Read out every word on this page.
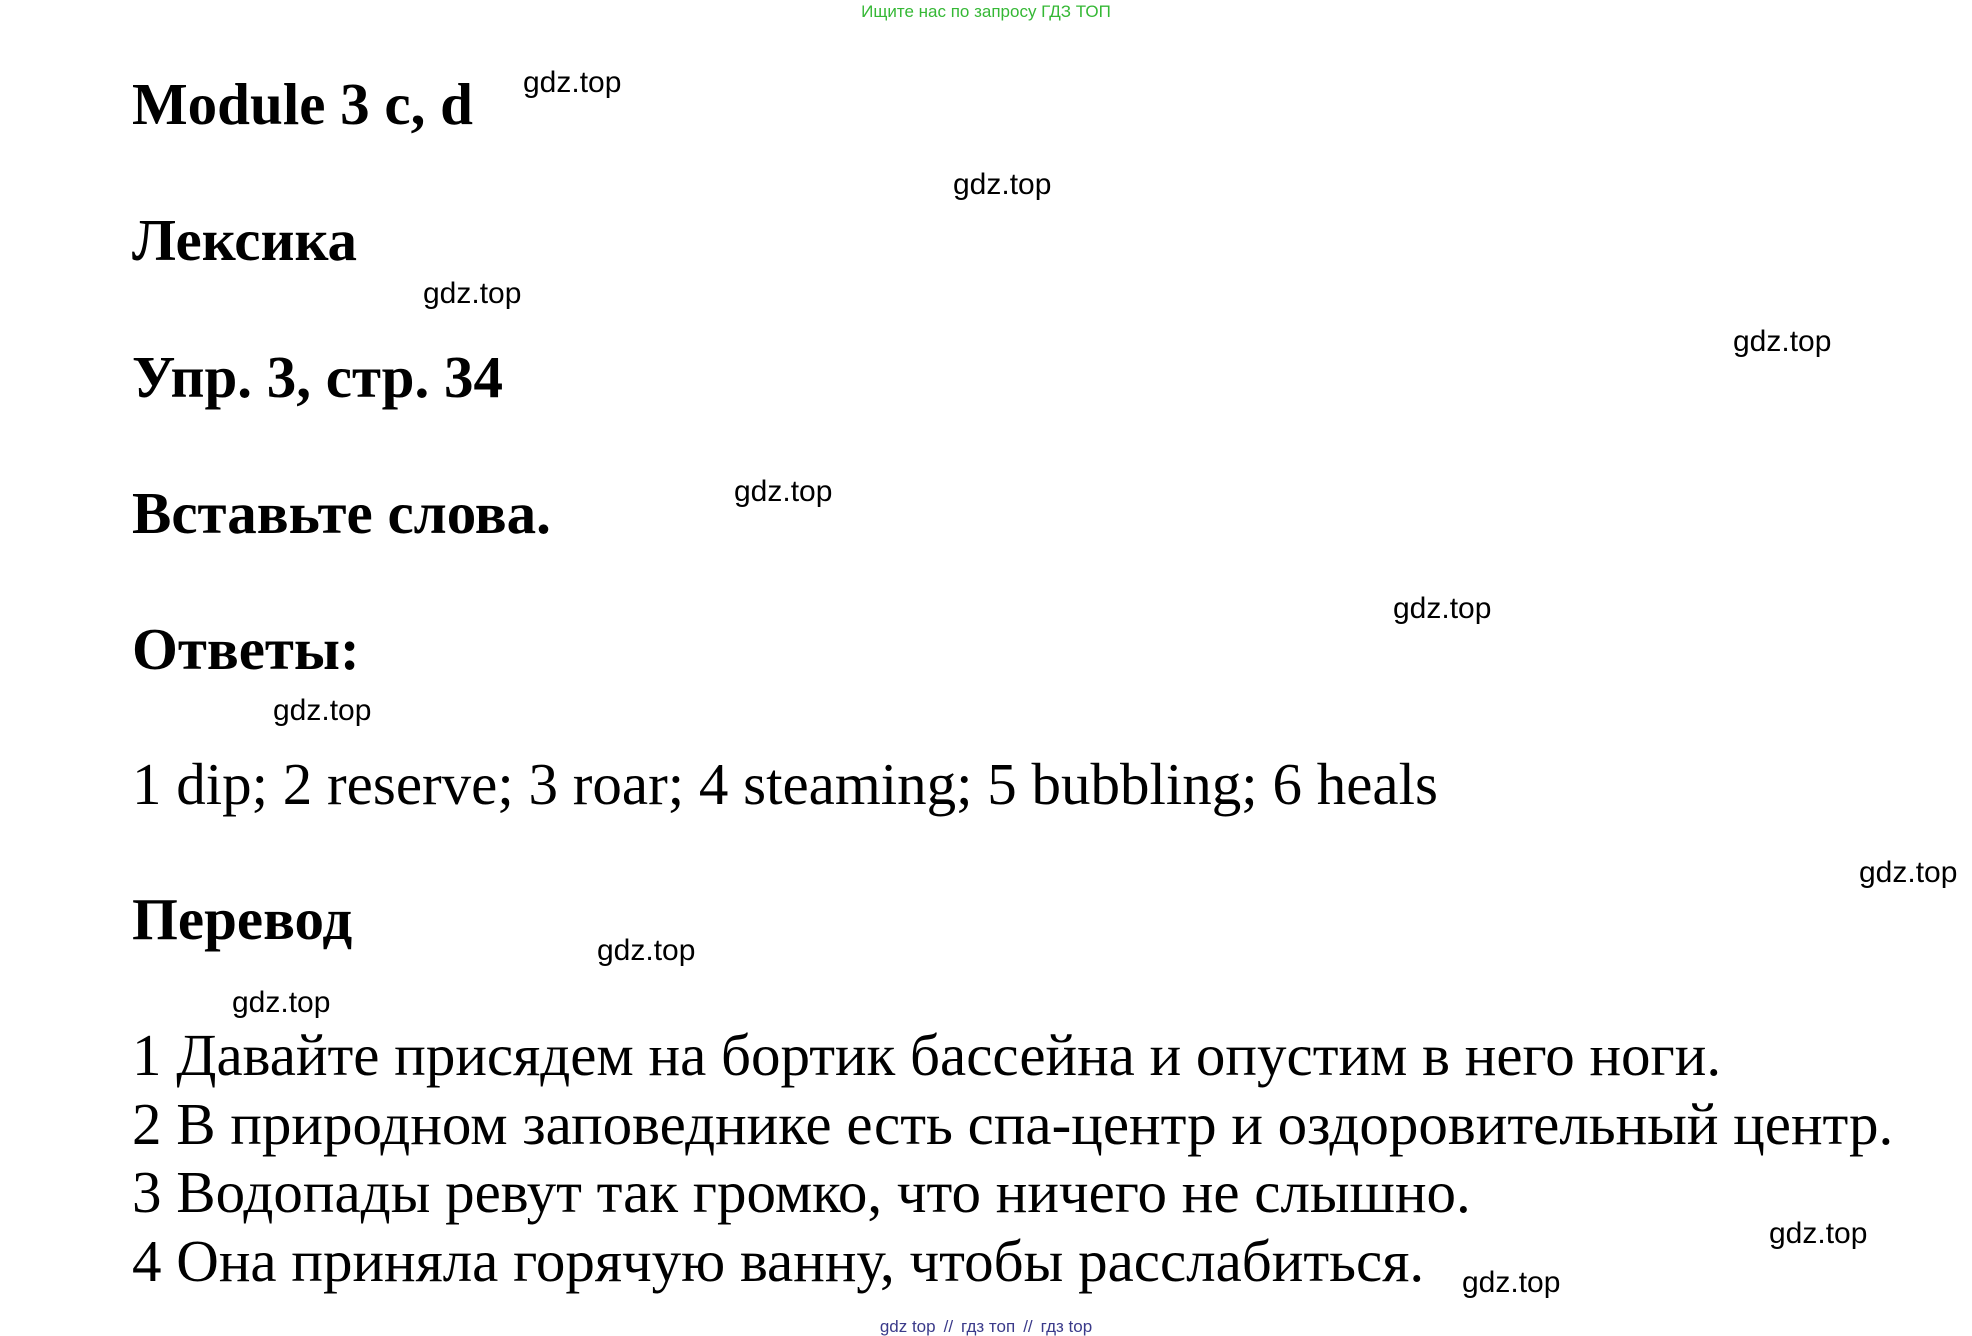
Ищите нас по запросу ГДЗ ТОП
Module 3 c, d
Лексика
Упр. 3, стр. 34
Вставьте слова.
Ответы:

1 dip; 2 reserve; 3 roar; 4 steaming; 5 bubbling; 6 heals

Перевод

1 Давайте присядем на бортик бассейна и опустим в него ноги.

2 В природном заповеднике есть спа-центр и оздоровительный центр.

3 Водопады ревут так громко, что ничего не слышно.

4 Она приняла горячую ванну, чтобы расслабиться.

gdz.top
gdz.top
gdz.top
gdz.top
gdz.top
gdz.top
gdz.top
gdz.top
gdz.top
gdz.top
gdz.top
gdz.top
gdz top // гдз топ // гдз top
